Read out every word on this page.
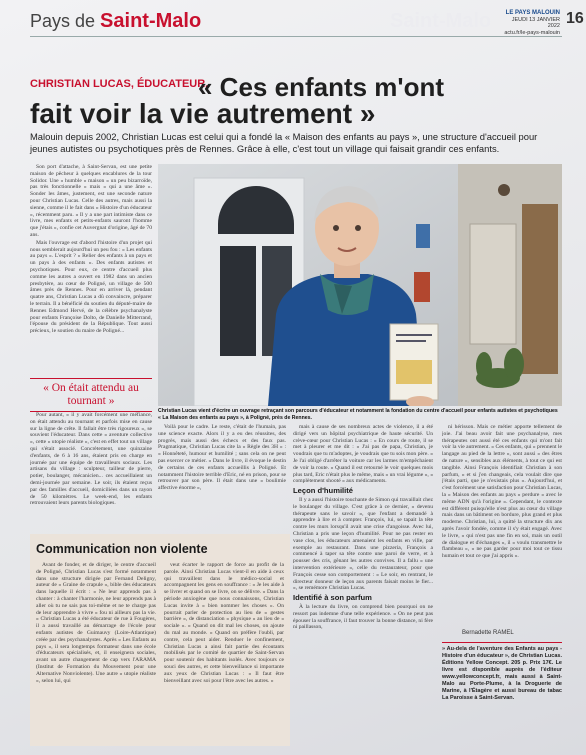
Pays de Saint-Malo	Saint-Malo	LE PAYS MALOUIN
JEUDI 13 JANVIER 2022
actu.fr/le-pays-malouin
16
CHRISTIAN LUCAS, ÉDUCATEUR.
« Ces enfants m'ont
fait voir la vie autrement »
Malouin depuis 2002, Christian Lucas est celui qui a fondé la « Maison des enfants au pays », une structure d'accueil pour jeunes autistes ou psychotiques près de Rennes. Grâce à elle, c'est tout un village qui faisait grandir ces enfants.

Son port d'attache, à Saint-Servan, est une petite maison de pêcheur à quelques encablures de la tour Solidor. Une « humble » maison « un peu bizarroïde, pas très fonctionnelle » mais « qui a une âme ». Sonder les âmes, justement, est une seconde nature pour Christian Lucas. Celle des autres, mais aussi la sienne, comme il le fait dans « Histoire d'un éducateur », récemment paru. « Il y a une part intimiste dans ce livre, mes enfants et petits-enfants sauront l'homme que j'étais », confie cet Auvergnat d'origine, âgé de 70 ans.

Mais l'ouvrage est d'abord l'histoire d'un projet qui nous semblerait aujourd'hui un peu fou : « Les enfants au pays ». L'esprit ? « Relier des enfants à un pays et un pays à des enfants ». Des enfants autistes et psychotiques. Pour eux, ce centre d'accueil plus comme les autres a ouvert en 1982 dans un ancien presbytère, au cœur de Poligné, un village de 500 âmes près de Rennes. Pour en arriver là, pendant quatre ans, Christian Lucas a dû convaincre, préparer le terrain. Il a bénéficié du soutien du député-maire de Rennes Edmond Hervé, de la célèbre psychanalyste pour enfants Françoise Dolto, de Danielle Mitterrand, l'épouse du président de la République. Tout aussi précieux, le soutien du maire de Poligné...

« On était attendu au tournant »

Pour autant, « il y avait forcément une méfiance, on était attendu au tournant et parfois mise en cause sur la ligne de crête. Il fallait être très rigoureux », se souvient l'éducateur. Dans cette « aventure collective », cette « utopie réaliste », c'est en effet tout un village qui s'était associé. Concrètement, une quinzaine d'enfants, de 6 à 16 ans, étaient pris en charge en journée par une équipe de travailleurs sociaux. Les artisans du village : sculpteur, tailleur de pierre, potier, boulanger, mécanicien... ces accueillaient un demi-journée par semaine. Le soir, ils étaient reçus par des familles d'accueil, domiciliées dans un rayon de 50 kilomètres. Le week-end, les enfants retrouvaient leurs parents biologiques.

Christian Lucas vient d'écrire un ouvrage retraçant son parcours d'éducateur et notamment la fondation du centre d'accueil pour enfants autistes et psychotiques « La Maison des enfants au pays », à Poligné, près de Rennes.

Voilà pour le cadre. Le reste, c'était de l'humain, pas une science exacte. Alors il y a eu des réussites, des progrès, mais aussi des échecs et des faux pas. Pragmatique, Christian Lucas cite la « Règle des 3H » : « Honnêteté, humour et humilité ; sans cela on ne peut pas exercer ce métier. » Dans le livre, il évoque le destin de certains de ces enfants accueillis à Poligné. Et notamment l'histoire terrible d'Eric, né en prison, pour se retrouver par son père. Il était dans une « boulimie affective énorme »,

mais à cause de ses nombreux actes de violence, il a été dirigé vers un hôpital psychiatrique de haute sécurité. Un crève-cœur pour Christian Lucas : « En cours de route, il se met à pleurer et me dit : « J'ai pas de papa, Christian, je voudrais que tu m'adoptes, je voudrais que tu sois mon père. » Je l'ai obligé d'arrêter la voiture car les larmes m'empêchaient de voir la route. » Quand il est retourné le voir quelques mois plus tard, Eric n'était plus le même, mais « un vrai légume », « complètement shooté » aux médicaments.

Leçon d'humilité

Il y a aussi l'histoire touchante de Simon qui travaillait chez le boulanger du village. C'est grâce à ce dernier, « devenu thérapeute sans le savoir », que l'enfant a demandé à apprendre à lire et à compter. François, lui, se tapait la tête contre les murs lorsqu'il avait une crise d'angoisse. Avec lui, Christian a pris une leçon d'humilité. Pour ne pas rester en vase clos, les éducateurs amenaient les enfants en ville, par exemple au restaurant. Dans une pizzeria, François a commencé à taper sa tête contre une paroi de verre, et à pousser des cris, gênant les autres convives. Il a fallu « une intervention extérieure », celle du restaurateur, pour que François cesse son comportement : « Le soir, en rentrant, le directeur donneur de leçon aux parents faisait moins le fier... », se remémore Christian Lucas.

Identifié à son parfum

À la lecture du livre, on comprend bien pourquoi on ne ressort pas indemne d'une telle expérience. « On ne peut pas épouser la souffrance, il faut trouver la bonne distance, ni fère ni paillasson,

ni hérisson. Mais ce métier apporte tellement de joie. J'ai beau avoir fait une psychanalyse, mes thérapeutes ont aussi été ces enfants qui m'ont fait voir la vie autrement. » Ces enfants, qui « prennent le langage au pied de la lettre », sont aussi « des êtres de nature », sensibles aux éléments, à tout ce qui est tangible. Ainsi François identifiait Christian à son parfum, « et si j'en changeais, cela voulait dire que j'étais parti, que je n'existais plus ». Aujourd'hui, et c'est forcément une satisfaction pour Christian Lucas, la « Maison des enfants au pays » perdure « avec le même ADN qu'à l'origine ». Cependant, le contexte est différent puisqu'elle n'est plus au cœur du village mais dans un bâtiment en bordure, plus grand et plus moderne. Christian, lui, a quitté la structure dix ans après l'avoir fondée, comme il s'y était engagé. Avec le livre, « qui n'est pas une fin en soi, mais un outil de dialogue et d'échanges », il « voulu transmettre le flambeau », « ne pas garder pour moi tout ce tissu humain et tout ce que j'ai appris ».

Bernadette RAMEL
» Au-dela de l'aventure des Enfants au pays - Histoire d'un éducateur », de Christian Lucas. Éditions Yellow Concept. 205 p. Prix 17€. Le livre est disponible auprès de l'éditeur www.yellowconcept.fr, mais aussi à Saint-Malo au Porte-Plume, à la Droguerie de Marine, à l'Étagère et aussi bureau de tabac La Paroisse à Saint-Servan.
Communication non violente

Avant de fonder, et de diriger, le centre d'accueil de Poligné, Christian Lucas s'est formé notamment dans une structure dirigée par Fernand Deligny, auteur de « Graine de crapule », bible des éducateurs dans laquelle il écrit : « Ne leur apprends pas à chanter : à chanter l'harmonie, ne leur apprends pas à aller où tu ne sais pas toi-même et ne te charge pas de leur apprendre à vivre « fou ni ailleurs pas la vie. » Christian Lucas a été éducateur de rue à Fougères, il a aussi travaillé au démarrage de l'école pour enfants autistes de Guimauvy (Loire-Atlantique) créée par des psychanalystes. Après « Les Enfants au pays », il sera longtemps formateur dans une école d'éducateurs spécialisés, et, il enseignera sociales, avant un autre changement de cap vers l'ARAMA (Institut de Formation du Mouvement pour une Alternative Nonviolente). Une autre « utopie réaliste », selon lui, qui

veut écarter le rapport de force au profit de la parole. Ainsi Christian Lucas vient-il en aide à ceux qui travaillent dans le médico-social et accompagnent les gens en souffrance : « Je les aide à se livrer et quand on se livre, on se délivre. » Dans la période anxiogène que nous connaissons, Christian Lucas invite à « bien nommer les choses ». On pourrait parler de protection au lieu de « gestes barrière », de distanciation « physique » au lieu de « sociale ». « Quand on dit mal les choses, on ajoute du mal au monde. » Quand on préfère l'oubli, par contre, cela peut aider. Renduer le confinement, Christian Lucas a ainsi fait partie des écoutants mobilisés par le comité de quartier de Saint-Servan pour soutenir des habitants isolés. Avec toujours ce souci des autres, et cette bienveillance si importante aux yeux de Christian Lucas : « Il faut être bienveillant avec soi pour l'être avec les autres. »
